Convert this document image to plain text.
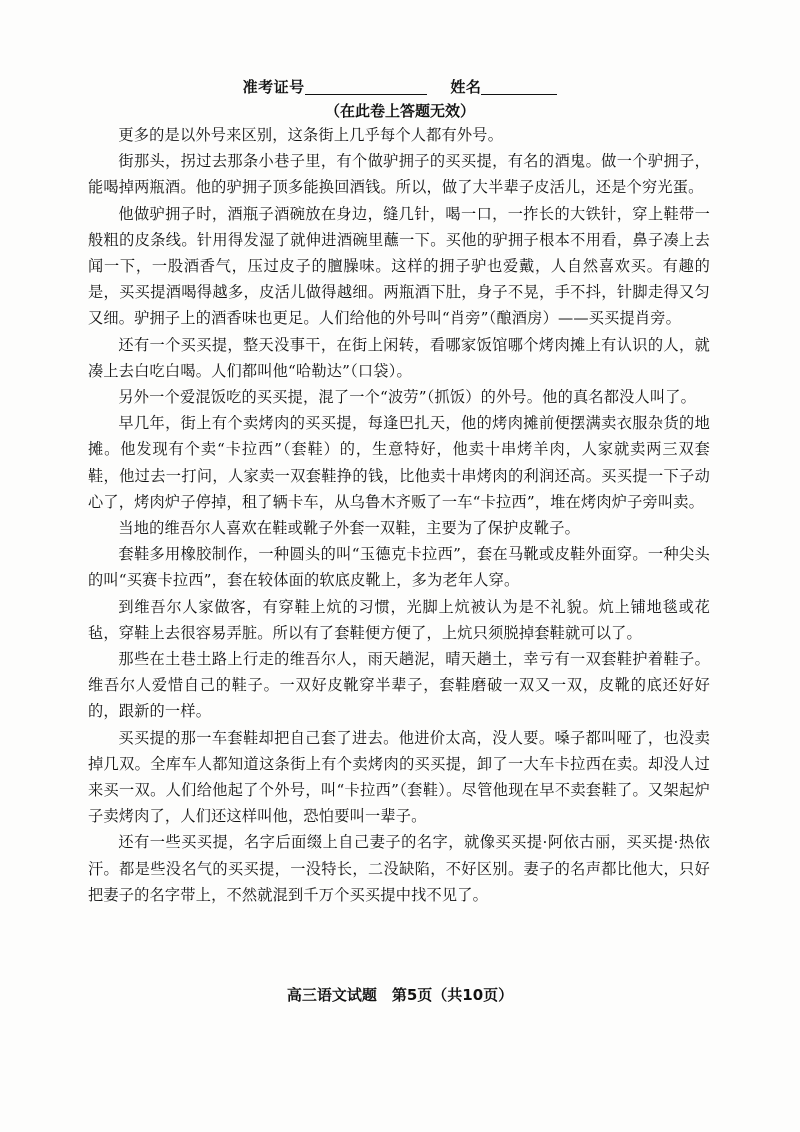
准考证号	姓名
（在此卷上答题无效）

更多的是以外号来区别，这条街上几乎每个人都有外号。

街那头，拐过去那条小巷子里，有个做驴拥子的买买提，有名的酒鬼。做一个驴拥子，能喝掉两瓶酒。他的驴拥子顶多能换回酒钱。所以，做了大半辈子皮活儿，还是个穷光蛋。

他做驴拥子时，酒瓶子酒碗放在身边，缝几针，喝一口，一拃长的大铁针，穿上鞋带一般粗的皮条线。针用得发湿了就伸进酒碗里蘸一下。买他的驴拥子根本不用看，鼻子凑上去闻一下，一股酒香气，压过皮子的膻臊味。这样的拥子驴也爱戴，人自然喜欢买。有趣的是，买买提酒喝得越多，皮活儿做得越细。两瓶酒下肚，身子不晃，手不抖，针脚走得又匀又细。驴拥子上的酒香味也更足。人们给他的外号叫“肖旁”（酿酒房）——买买提肖旁。

还有一个买买提，整天没事干，在街上闲转，看哪家饭馆哪个烤肉摊上有认识的人，就凑上去白吃白喝。人们都叫他“哈勒达”（口袋）。

另外一个爱混饭吃的买买提，混了一个“波劳”（抓饭）的外号。他的真名都没人叫了。

早几年，街上有个卖烤肉的买买提，每逢巴扎天，他的烤肉摊前便摆满卖衣服杂货的地摊。他发现有个卖“卡拉西”（套鞋）的，生意特好，他卖十串烤羊肉，人家就卖两三双套鞋，他过去一打问，人家卖一双套鞋挣的钱，比他卖十串烤肉的利润还高。买买提一下子动心了，烤肉炉子停掉，租了辆卡车，从乌鲁木齐贩了一车“卡拉西”，堆在烤肉炉子旁叫卖。

当地的维吾尔人喜欢在鞋或靴子外套一双鞋，主要为了保护皮靴子。

套鞋多用橡胶制作，一种圆头的叫“玉德克卡拉西”，套在马靴或皮鞋外面穿。一种尖头的叫“买赛卡拉西”，套在较体面的软底皮靴上，多为老年人穿。

到维吾尔人家做客，有穿鞋上炕的习惯，光脚上炕被认为是不礼貌。炕上铺地毯或花毡，穿鞋上去很容易弄脏。所以有了套鞋便方便了，上炕只须脱掉套鞋就可以了。

那些在土巷土路上行走的维吾尔人，雨天趟泥，晴天趟土，幸亏有一双套鞋护着鞋子。维吾尔人爱惜自己的鞋子。一双好皮靴穿半辈子，套鞋磨破一双又一双，皮靴的底还好好的，跟新的一样。

买买提的那一车套鞋却把自己套了进去。他进价太高，没人要。嗓子都叫哑了，也没卖掉几双。全库车人都知道这条街上有个卖烤肉的买买提，卸了一大车卡拉西在卖。却没人过来买一双。人们给他起了个外号，叫“卡拉西”（套鞋）。尽管他现在早不卖套鞋了。又架起炉子卖烤肉了，人们还这样叫他，恐怕要叫一辈子。

还有一些买买提，名字后面缀上自己妻子的名字，就像买买提·阿依古丽，买买提·热依汗。都是些没名气的买买提，一没特长，二没缺陷，不好区别。妻子的名声都比他大，只好把妻子的名字带上，不然就混到千万个买买提中找不见了。

高三语文试题　第5页（共10页）
